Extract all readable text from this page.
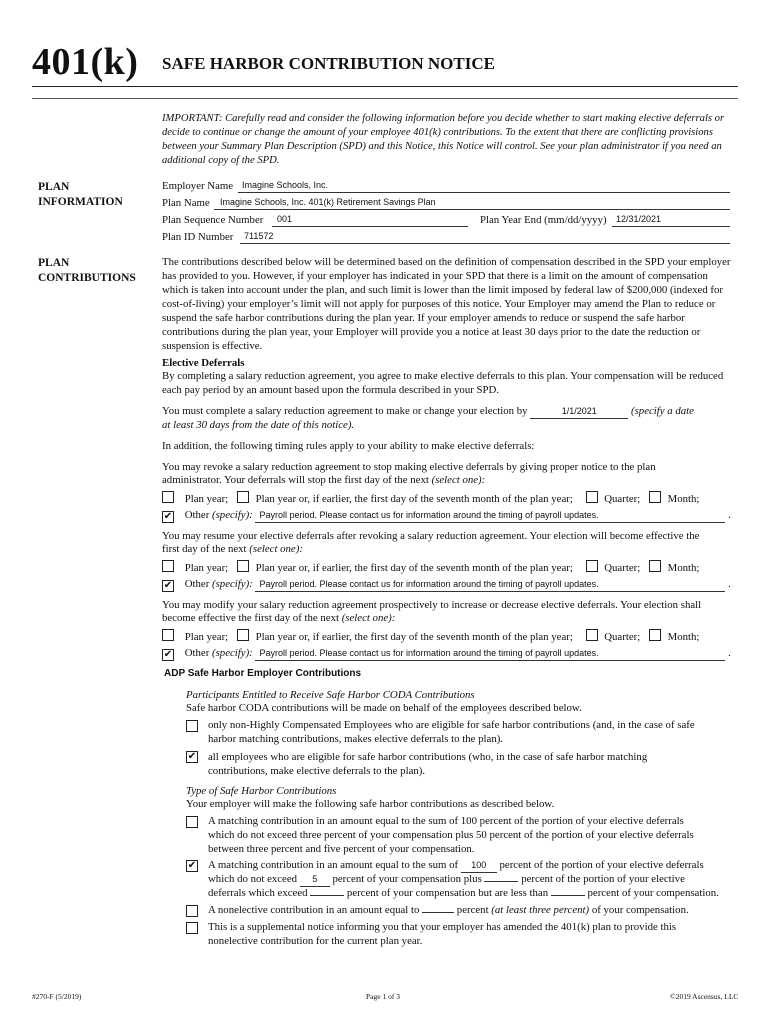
401(k) SAFE HARBOR CONTRIBUTION NOTICE
IMPORTANT: Carefully read and consider the following information before you decide whether to start making elective deferrals or decide to continue or change the amount of your employee 401(k) contributions. To the extent that there are conflicting provisions between your Summary Plan Description (SPD) and this Notice, this Notice will control. See your plan administrator if you need an additional copy of the SPD.
PLAN
INFORMATION
Employer Name Imagine Schools, Inc.
Plan Name Imagine Schools, Inc. 401(k) Retirement Savings Plan
Plan Sequence Number 001	Plan Year End (mm/dd/yyyy) 12/31/2021
Plan ID Number 711572
PLAN
CONTRIBUTIONS
The contributions described below will be determined based on the definition of compensation described in the SPD your employer has provided to you. However, if your employer has indicated in your SPD that there is a limit on the amount of compensation which is taken into account under the plan, and such limit is lower than the limit imposed by federal law of $200,000 (indexed for cost-of-living) your employer’s limit will not apply for purposes of this notice. Your Employer may amend the Plan to reduce or suspend the safe harbor contributions during the plan year. If your employer amends to reduce or suspend the safe harbor contributions during the plan year, your Employer will provide you a notice at least 30 days prior to the date the reduction or suspension is effective.
Elective Deferrals
By completing a salary reduction agreement, you agree to make elective deferrals to this plan. Your compensation will be reduced each pay period by an amount based upon the formula described in your SPD.
You must complete a salary reduction agreement to make or change your election by	1/1/2021	(specify a date
at least 30 days from the date of this notice).
In addition, the following timing rules apply to your ability to make elective deferrals:
You may revoke a salary reduction agreement to stop making elective deferrals by giving proper notice to the plan
administrator. Your deferrals will stop the first day of the next (select one):
Plan year;	Plan year or, if earlier, the first day of the seventh month of the plan year;	Quarter;	Month;
✔ Other (specify): Payroll period. Please contact us for information around the timing of payroll updates.	.
You may resume your elective deferrals after revoking a salary reduction agreement. Your election will become effective the
first day of the next (select one):
Plan year;	Plan year or, if earlier, the first day of the seventh month of the plan year;	Quarter;	Month;
✔ Other (specify): Payroll period. Please contact us for information around the timing of payroll updates.	.
You may modify your salary reduction agreement prospectively to increase or decrease elective deferrals. Your election shall
become effective the first day of the next (select one):
Plan year;	Plan year or, if earlier, the first day of the seventh month of the plan year;	Quarter;	Month;
✔ Other (specify): Payroll period. Please contact us for information around the timing of payroll updates.	.
ADP Safe Harbor Employer Contributions
Participants Entitled to Receive Safe Harbor CODA Contributions
Safe harbor CODA contributions will be made on behalf of the employees described below.
only non-Highly Compensated Employees who are eligible for safe harbor contributions (and, in the case of safe
harbor matching contributions, makes elective deferrals to the plan).
✔ all employees who are eligible for safe harbor contributions (who, in the case of safe harbor matching
contributions, make elective deferrals to the plan).
Type of Safe Harbor Contributions
Your employer will make the following safe harbor contributions as described below.
A matching contribution in an amount equal to the sum of 100 percent of the portion of your elective deferrals
which do not exceed three percent of your compensation plus 50 percent of the portion of your elective deferrals
between three percent and five percent of your compensation.
✔ A matching contribution in an amount equal to the sum of 100 percent of the portion of your elective deferrals
which do not exceed 5 percent of your compensation plus	percent of the portion of your elective
deferrals which exceed	percent of your compensation but are less than	percent of your compensation.
A nonelective contribution in an amount equal to	percent (at least three percent) of your compensation.
This is a supplemental notice informing you that your employer has amended the 401(k) plan to provide this
nonelective contribution for the current plan year.
#270-F (5/2019)	Page 1 of 3	©2019 Ascensus, LLC
